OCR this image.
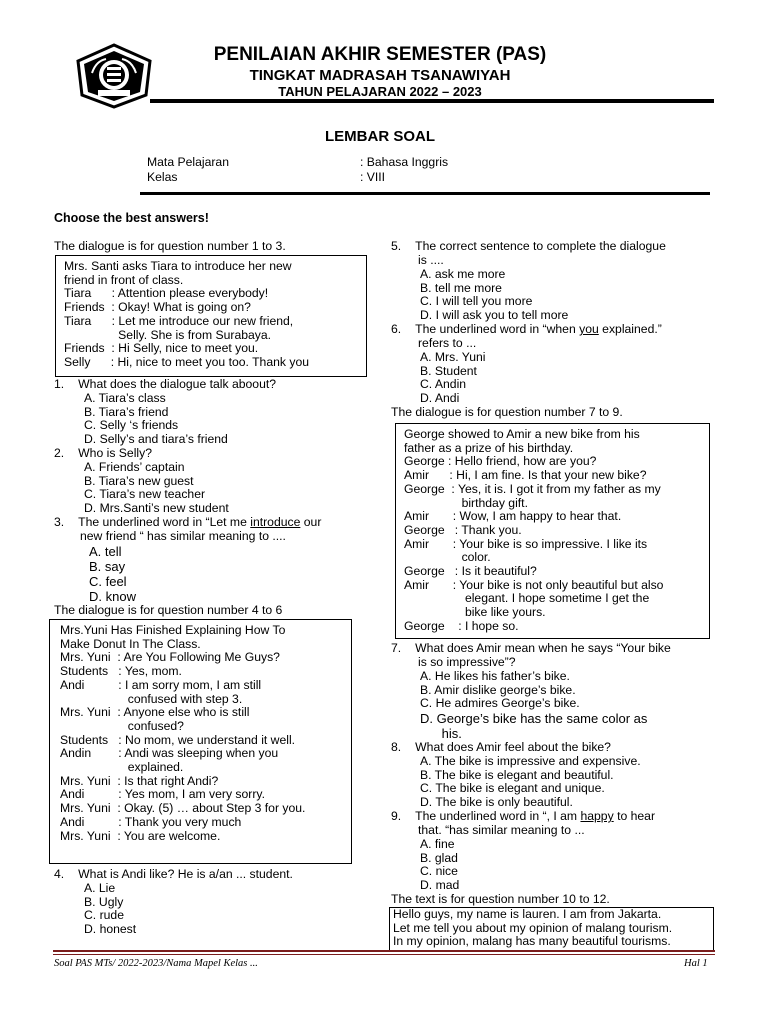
PENILAIAN AKHIR SEMESTER (PAS)
TINGKAT MADRASAH TSANAWIYAH
TAHUN PELAJARAN 2022 – 2023
LEMBAR SOAL
Mata Pelajaran	: Bahasa Inggris
Kelas	: VIII
Choose the best answers!
The dialogue is for question number 1 to 3.
Mrs. Santi asks Tiara to introduce her new
friend in front of class.
Tiara      : Attention please everybody!
Friends  : Okay! What is going on?
Tiara      : Let me introduce our new friend,
Selly. She is from Surabaya.
Friends  : Hi Selly, nice to meet you.
Selly      : Hi, nice to meet you too. Thank you
1. What does the dialogue talk aboout?
A. Tiara’s class
B. Tiara’s friend
C. Selly ‘s friends
D. Selly’s and tiara’s friend
2. Who is Selly?
A. Friends’ captain
B. Tiara’s new guest
C. Tiara’s new teacher
D. Mrs.Santi’s new student
3. The underlined word in “Let me introduce our
new friend “ has similar meaning to ....
A. tell
B. say
C. feel
D. know
The dialogue is for question number 4 to 6
Mrs.Yuni Has Finished Explaining How To
Make Donut In The Class.
Mrs. Yuni  : Are You Following Me Guys?
Students   : Yes, mom.
Andi          : I am sorry mom, I am still
confused with step 3.
Mrs. Yuni  : Anyone else who is still
confused?
Students   : No mom, we understand it well.
Andin        : Andi was sleeping when you
explained.
Mrs. Yuni  : Is that right Andi?
Andi          : Yes mom, I am very sorry.
Mrs. Yuni  : Okay. (5) … about Step 3 for you.
Andi          : Thank you very much
Mrs. Yuni  : You are welcome.
4. What is Andi like? He is a/an ... student.
A. Lie
B. Ugly
C. rude
D. honest
5. The correct sentence to complete the dialogue
is ....
A. ask me more
B. tell me more
C. I will tell you more
D. I will ask you to tell more
6. The underlined word in “when you explained.”
refers to ...
A. Mrs. Yuni
B. Student
C. Andin
D. Andi
The dialogue is for question number 7 to 9.
George showed to Amir a new bike from his
father as a prize of his birthday.
George : Hello friend, how are you?
Amir      : Hi, I am fine. Is that your new bike?
George  : Yes, it is. I got it from my father as my
birthday gift.
Amir       : Wow, I am happy to hear that.
George   : Thank you.
Amir       : Your bike is so impressive. I like its
color.
George   : Is it beautiful?
Amir       : Your bike is not only beautiful but also
elegant. I hope sometime I get the
bike like yours.
George    : I hope so.
7. What does Amir mean when he says “Your bike
is so impressive”?
A. He likes his father’s bike.
B. Amir dislike george’s bike.
C. He admires George’s bike.
D. George’s bike has the same color as
his.
8. What does Amir feel about the bike?
A. The bike is impressive and expensive.
B. The bike is elegant and beautiful.
C. The bike is elegant and unique.
D. The bike is only beautiful.
9. The underlined word in “, I am happy to hear
that. “has similar meaning to ...
A. fine
B. glad
C. nice
D. mad
The text is for question number 10 to 12.
Hello guys, my name is lauren. I am from Jakarta.
Let me tell you about my opinion of malang tourism.
In my opinion, malang has many beautiful tourisms.
Soal PAS MTs/ 2022-2023/Nama Mapel Kelas ...	Hal 1
